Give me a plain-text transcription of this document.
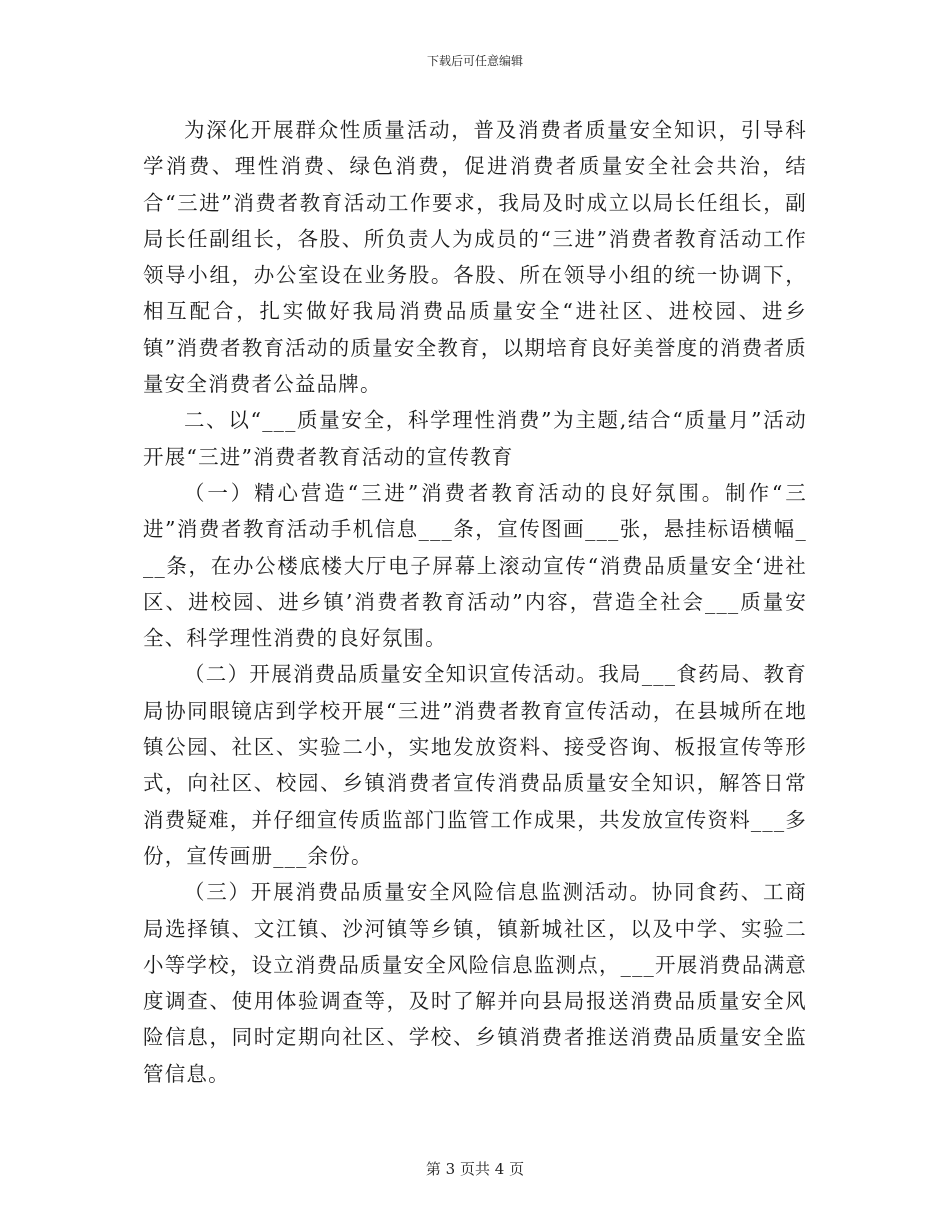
下载后可任意编辑

为深化开展群众性质量活动，普及消费者质量安全知识，引导科学消费、理性消费、绿色消费，促进消费者质量安全社会共治，结合“三进”消费者教育活动工作要求，我局及时成立以局长任组长，副局长任副组长，各股、所负责人为成员的“三进”消费者教育活动工作领导小组，办公室设在业务股。各股、所在领导小组的统一协调下，相互配合，扎实做好我局消费品质量安全“进社区、进校园、进乡镇”消费者教育活动的质量安全教育，以期培育良好美誉度的消费者质量安全消费者公益品牌。

二、以“___质量安全，科学理性消费”为主题,结合“质量月”活动开展“三进”消费者教育活动的宣传教育

（一）精心营造“三进”消费者教育活动的良好氛围。制作“三进”消费者教育活动手机信息___条，宣传图画___张，悬挂标语横幅___条，在办公楼底楼大厅电子屏幕上滚动宣传“消费品质量安全‘进社区、进校园、进乡镇’消费者教育活动”内容，营造全社会___质量安全、科学理性消费的良好氛围。

（二）开展消费品质量安全知识宣传活动。我局___食药局、教育局协同眼镜店到学校开展“三进”消费者教育宣传活动，在县城所在地镇公园、社区、实验二小，实地发放资料、接受咨询、板报宣传等形式，向社区、校园、乡镇消费者宣传消费品质量安全知识，解答日常消费疑难，并仔细宣传质监部门监管工作成果，共发放宣传资料___多份，宣传画册___余份。

（三）开展消费品质量安全风险信息监测活动。协同食药、工商局选择镇、文江镇、沙河镇等乡镇，镇新城社区，以及中学、实验二小等学校，设立消费品质量安全风险信息监测点，___开展消费品满意度调查、使用体验调查等，及时了解并向县局报送消费品质量安全风险信息，同时定期向社区、学校、乡镇消费者推送消费品质量安全监管信息。

第 3 页共 4 页
